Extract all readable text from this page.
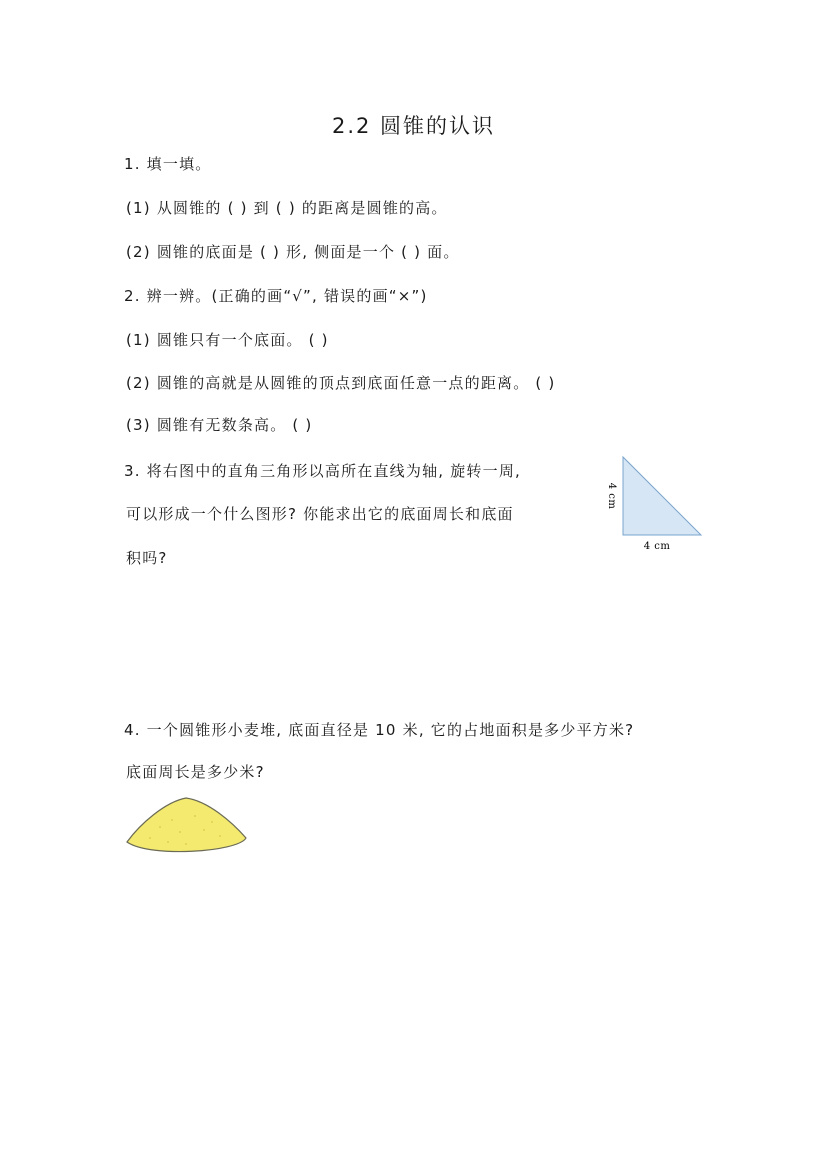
2.2 圆锥的认识
1. 填一填。
(1) 从圆锥的 ( ) 到 ( ) 的距离是圆锥的高。
(2) 圆锥的底面是 ( ) 形, 侧面是一个 ( ) 面。
2. 辨一辨。(正确的画“√”, 错误的画“×”)
(1) 圆锥只有一个底面。 ( )
(2) 圆锥的高就是从圆锥的顶点到底面任意一点的距离。 ( )
(3) 圆锥有无数条高。 ( )
3. 将右图中的直角三角形以高所在直线为轴, 旋转一周,
可以形成一个什么图形? 你能求出它的底面周长和底面
积吗?
4 cm
4 cm
4. 一个圆锥形小麦堆, 底面直径是 10 米, 它的占地面积是多少平方米?
底面周长是多少米?
